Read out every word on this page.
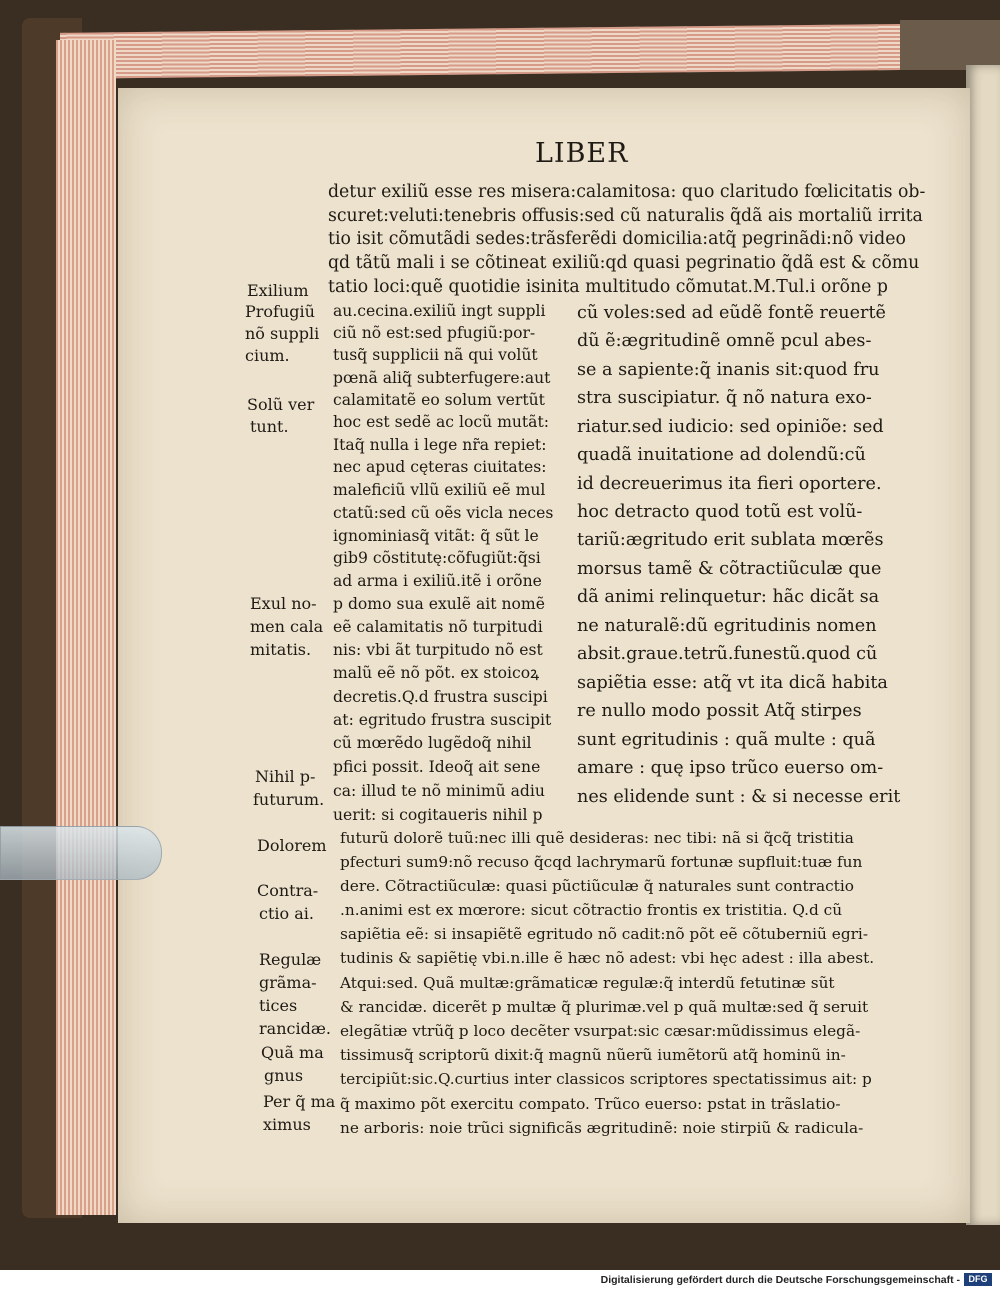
LIBER
detur exiliũ esse res misera:calamitosa: quo claritudo fœlicitatis ob-
scuret:veluti:tenebris offusis:sed cũ naturalis q̃dã ais mortaliũ irrita
tio isit cõmutãdi sedes:trãsferẽdi domicilia:atq̃ pegrinãdi:nõ video
qd tãtũ mali i se cõtineat exiliũ:qd quasi pegrinatio q̃dã est & cõmu
tatio loci:quẽ quotidie isinita multitudo cõmutat.M.Tul.i orõne p
au.cecina.exiliũ ingt suppli
ciũ nõ est:sed pfugiũ:por-
tusq̃ supplicii nã qui volũt
pœnã aliq̃ subterfugere:aut
calamitatẽ eo solum vertũt
hoc est sedẽ ac locũ mutãt:
Itaq̃ nulla i lege nr̃a repiet:
nec apud cęteras ciuitates:
maleficiũ vllũ exiliũ eẽ mul
ctatũ:sed cũ oẽs vicla neces
ignominiasq̃ vitãt: q̃ sũt le
gib9 cõstitutę:cõfugiũt:q̃si
ad arma i exiliũ.itẽ i orõne
p domo sua exulẽ ait nomẽ
eẽ calamitatis nõ turpitudi
nis: vbi ãt turpitudo nõ est
malũ eẽ nõ põt. ex stoicoꝝ
decretis.Q.d frustra suscipi
at: egritudo frustra suscipit
cũ mœrẽdo lugẽdoq̃ nihil
pfici possit. Ideoq̃ ait sene
ca: illud te nõ minimũ adiu
uerit: si cogitaueris nihil p
cũ voles:sed ad eũdẽ fontẽ reuertẽ
dũ ẽ:ægritudinẽ omnẽ pcul abes-
se a sapiente:q̃ inanis sit:quod fru
stra suscipiatur. q̃ nõ natura exo-
riatur.sed iudicio: sed opiniõe: sed
quadã inuitatione ad dolendũ:cũ
id decreuerimus ita fieri oportere.
hoc detracto quod totũ est volũ-
tariũ:ægritudo erit sublata mœrẽs
morsus tamẽ & cõtractiũculæ que
dã animi relinquetur: hãc dicãt sa
ne naturalẽ:dũ egritudinis nomen
absit.graue.tetrũ.funestũ.quod cũ
sapiẽtia esse: atq̃ vt ita dicã habita
re nullo modo possit Atq̃ stirpes
sunt egritudinis : quã multe : quã
amare : quę ipso trũco euerso om-
nes elidende sunt : & si necesse erit
futurũ dolorẽ tuũ:nec illi quẽ desideras: nec tibi: nã si q̃cq̃ tristitia
pfecturi sum9:nõ recuso q̃cqd lachrymarũ fortunæ supfluit:tuæ fun
dere. Cõtractiũculæ: quasi pũctiũculæ q̃ naturales sunt contractio
.n.animi est ex mœrore: sicut cõtractio frontis ex tristitia. Q.d cũ
sapiẽtia eẽ: si insapiẽtẽ egritudo nõ cadit:nõ põt eẽ cõtuberniũ egri-
tudinis & sapiẽtię vbi.n.ille ẽ hæc nõ adest: vbi hęc adest : illa abest.
Atqui:sed. Quã multæ:grãmaticæ regulæ:q̃ interdũ fetutinæ sũt
& rancidæ. dicerẽt p multæ q̃ plurimæ.vel p quã multæ:sed q̃ seruit
elegãtiæ vtrũq̃ p loco decẽter vsurpat:sic cæsar:mũdissimus elegã-
tissimusq̃ scriptorũ dixit:q̃ magnũ nũerũ iumẽtorũ atq̃ hominũ in-
tercipiũt:sic.Q.curtius inter classicos scriptores spectatissimus ait: p
q̃ maximo põt exercitu compato. Trũco euerso: pstat in trãslatio-
ne arboris: noie trũci significãs ægritudinẽ: noie stirpiũ & radicula-
Exilium
Profugiũ
nõ suppli
cium.
Solũ ver
tunt.
Exul no-
men cala
mitatis.
Nihil p-
futurum.
Dolorem
Contra-
ctio ai.
Regulæ
grãma-
tices
rancidæ.
Quã ma
gnus
Per q̃ ma
ximus
Digitalisierung gefördert durch die Deutsche Forschungsgemeinschaft - DFG
